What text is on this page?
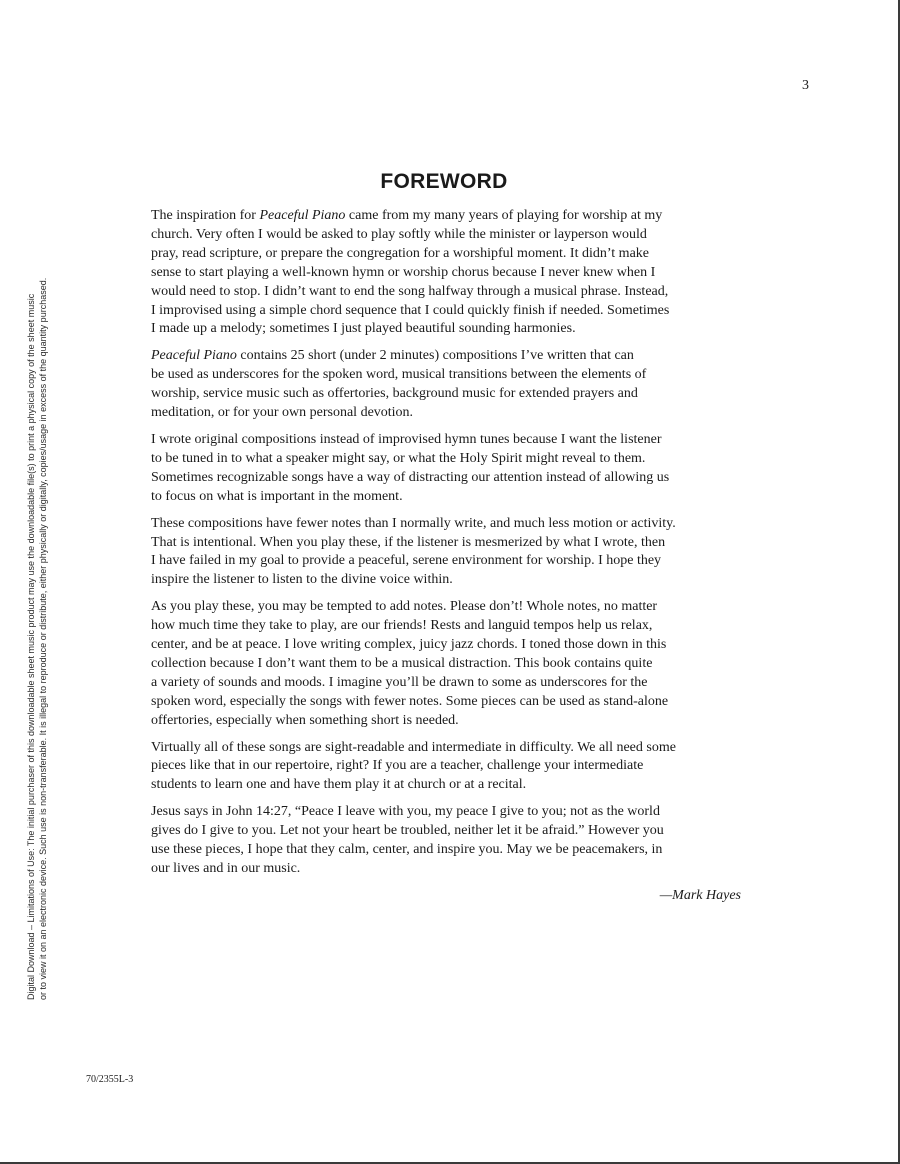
3
Digital Download – Limitations of Use: The initial purchaser of this downloadable sheet music product may use the downloadable file(s) to print a physical copy of the sheet music or to view it on an electronic device. Such use is non-transferable. It is illegal to reproduce or distribute, either physically or digitally, copies/usage in excess of the quantity purchased.
FOREWORD

The inspiration for Peaceful Piano came from my many years of playing for worship at my
church. Very often I would be asked to play softly while the minister or layperson would
pray, read scripture, or prepare the congregation for a worshipful moment. It didn’t make
sense to start playing a well-known hymn or worship chorus because I never knew when I
would need to stop. I didn’t want to end the song halfway through a musical phrase. Instead,
I improvised using a simple chord sequence that I could quickly finish if needed. Sometimes
I made up a melody; sometimes I just played beautiful sounding harmonies.

Peaceful Piano contains 25 short (under 2 minutes) compositions I’ve written that can
be used as underscores for the spoken word, musical transitions between the elements of
worship, service music such as offertories, background music for extended prayers and
meditation, or for your own personal devotion.

I wrote original compositions instead of improvised hymn tunes because I want the listener
to be tuned in to what a speaker might say, or what the Holy Spirit might reveal to them.
Sometimes recognizable songs have a way of distracting our attention instead of allowing us
to focus on what is important in the moment.

These compositions have fewer notes than I normally write, and much less motion or activity.
That is intentional. When you play these, if the listener is mesmerized by what I wrote, then
I have failed in my goal to provide a peaceful, serene environment for worship. I hope they
inspire the listener to listen to the divine voice within.

As you play these, you may be tempted to add notes. Please don’t! Whole notes, no matter
how much time they take to play, are our friends! Rests and languid tempos help us relax,
center, and be at peace. I love writing complex, juicy jazz chords. I toned those down in this
collection because I don’t want them to be a musical distraction. This book contains quite
a variety of sounds and moods. I imagine you’ll be drawn to some as underscores for the
spoken word, especially the songs with fewer notes. Some pieces can be used as stand-alone
offertories, especially when something short is needed.

Virtually all of these songs are sight-readable and intermediate in difficulty. We all need some
pieces like that in our repertoire, right? If you are a teacher, challenge your intermediate
students to learn one and have them play it at church or at a recital.

Jesus says in John 14:27, “Peace I leave with you, my peace I give to you; not as the world
gives do I give to you. Let not your heart be troubled, neither let it be afraid.” However you
use these pieces, I hope that they calm, center, and inspire you. May we be peacemakers, in
our lives and in our music.

—Mark Hayes
70/2355L-3
